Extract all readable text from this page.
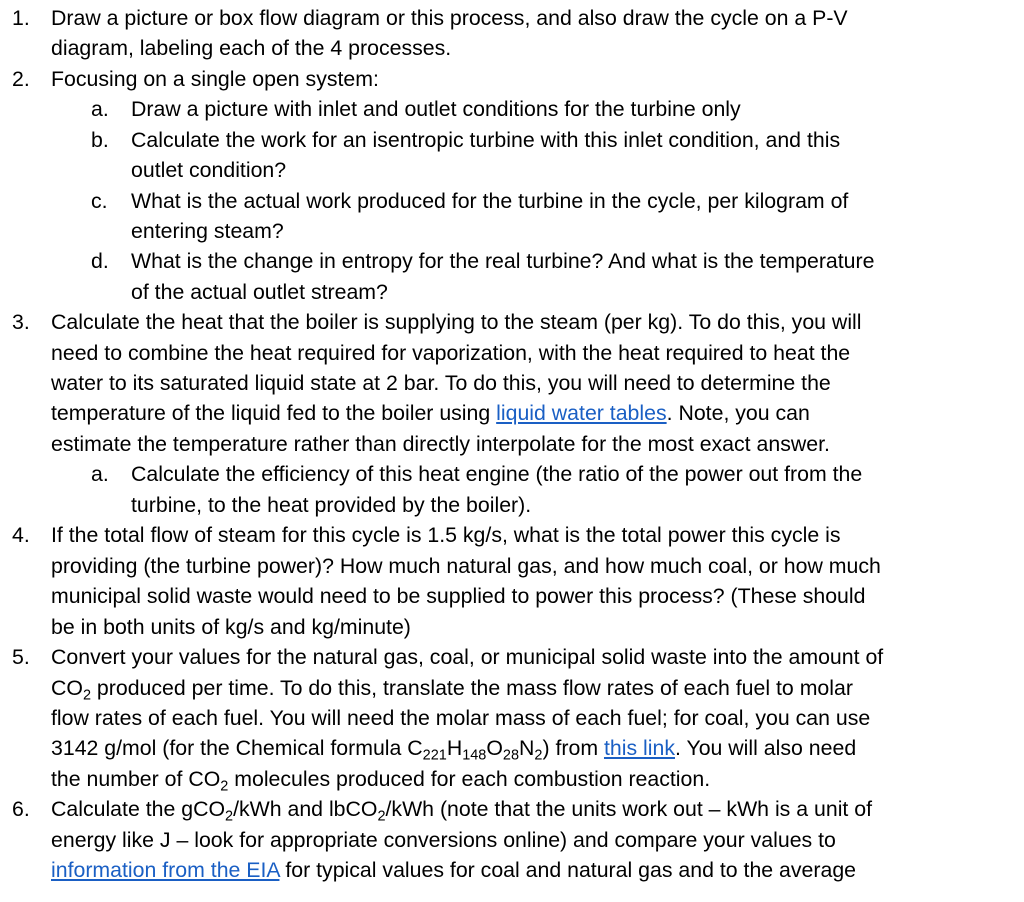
1. Draw a picture or box flow diagram or this process, and also draw the cycle on a P-V
diagram, labeling each of the 4 processes.
2. Focusing on a single open system:
a. Draw a picture with inlet and outlet conditions for the turbine only
b. Calculate the work for an isentropic turbine with this inlet condition, and this
outlet condition?
c. What is the actual work produced for the turbine in the cycle, per kilogram of
entering steam?
d. What is the change in entropy for the real turbine? And what is the temperature
of the actual outlet stream?
3. Calculate the heat that the boiler is supplying to the steam (per kg). To do this, you will
need to combine the heat required for vaporization, with the heat required to heat the
water to its saturated liquid state at 2 bar. To do this, you will need to determine the
temperature of the liquid fed to the boiler using liquid water tables. Note, you can
estimate the temperature rather than directly interpolate for the most exact answer.
a. Calculate the efficiency of this heat engine (the ratio of the power out from the
turbine, to the heat provided by the boiler).
4. If the total flow of steam for this cycle is 1.5 kg/s, what is the total power this cycle is
providing (the turbine power)? How much natural gas, and how much coal, or how much
municipal solid waste would need to be supplied to power this process? (These should
be in both units of kg/s and kg/minute)
5. Convert your values for the natural gas, coal, or municipal solid waste into the amount of
$CO_2$ produced per time. To do this, translate the mass flow rates of each fuel to molar
flow rates of each fuel. You will need the molar mass of each fuel; for coal, you can use
3142 g/mol (for the Chemical formula $C_{221}H_{148}O_{28}N_2$) from this link. You will also need
the number of $CO_2$ molecules produced for each combustion reaction.
6. Calculate the gCO$_2$/kWh and lbCO$_2$/kWh (note that the units work out – kWh is a unit of
energy like J – look for appropriate conversions online) and compare your values to
information from the EIA for typical values for coal and natural gas and to the average
